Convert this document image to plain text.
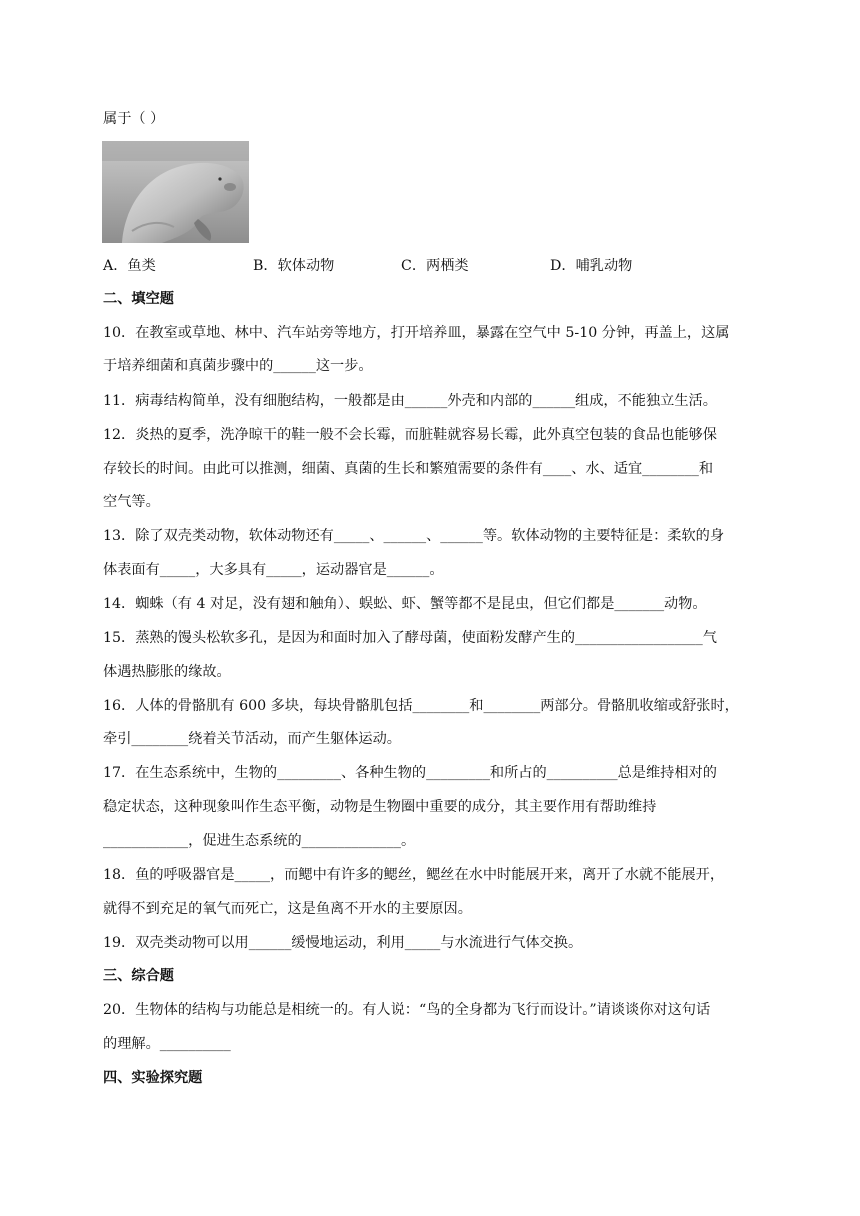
属于（ ）
A．鱼类	B．软体动物	C．两栖类	D．哺乳动物
二、填空题
10．在教室或草地、林中、汽车站旁等地方，打开培养皿，暴露在空气中 5-10 分钟，再盖上，这属
于培养细菌和真菌步骤中的______这一步。
11．病毒结构简单，没有细胞结构，一般都是由______外壳和内部的______组成，不能独立生活。
12．炎热的夏季，洗净晾干的鞋一般不会长霉，而脏鞋就容易长霉，此外真空包装的食品也能够保
存较长的时间。由此可以推测，细菌、真菌的生长和繁殖需要的条件有____、水、适宜________和
空气等。
13．除了双壳类动物，软体动物还有_____、______、______等。软体动物的主要特征是：柔软的身
体表面有_____，大多具有_____，运动器官是______。
14．蜘蛛（有 4 对足，没有翅和触角）、蜈蚣、虾、蟹等都不是昆虫，但它们都是_______动物。
15．蒸熟的馒头松软多孔，是因为和面时加入了酵母菌，使面粉发酵产生的__________________气
体遇热膨胀的缘故。
16．人体的骨骼肌有 600 多块，每块骨骼肌包括________和________两部分。骨骼肌收缩或舒张时，
牵引________绕着关节活动，而产生躯体运动。
17．在生态系统中，生物的_________、各种生物的_________和所占的__________总是维持相对的
稳定状态，这种现象叫作生态平衡，动物是生物圈中重要的成分，其主要作用有帮助维持
____________，促进生态系统的______________。
18．鱼的呼吸器官是_____，而鳃中有许多的鳃丝，鳃丝在水中时能展开来，离开了水就不能展开，
就得不到充足的氧气而死亡，这是鱼离不开水的主要原因。
19．双壳类动物可以用______缓慢地运动，利用_____与水流进行气体交换。
三、综合题
20．生物体的结构与功能总是相统一的。有人说：“鸟的全身都为飞行而设计。”请谈谈你对这句话
的理解。__________
四、实验探究题
